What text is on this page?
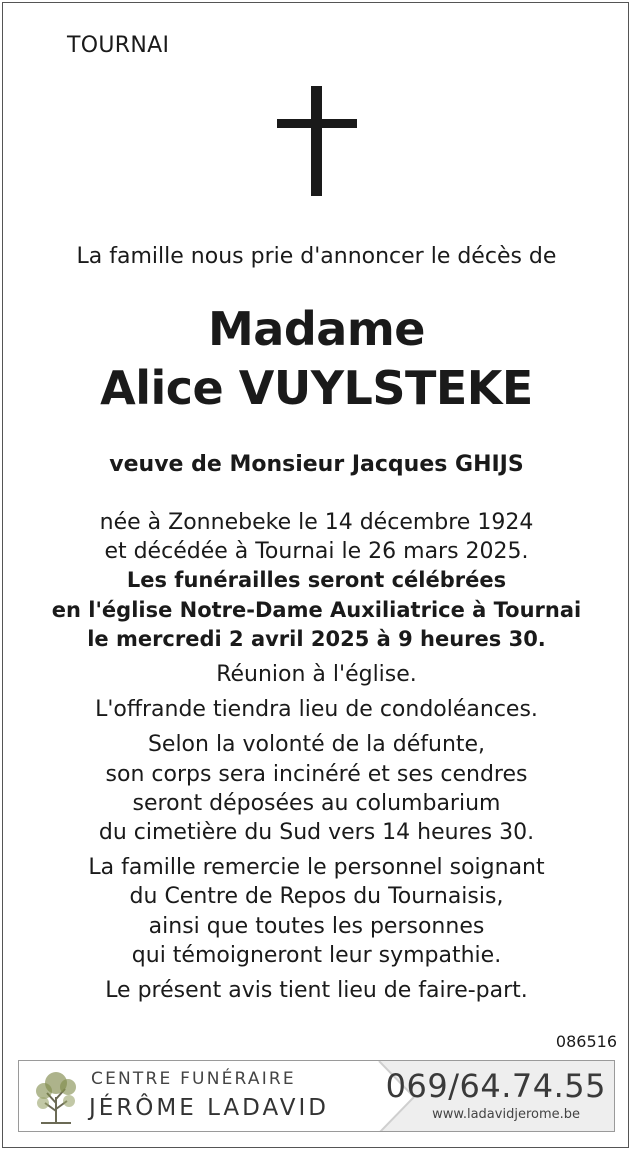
TOURNAI
La famille nous prie d'annoncer le décès de
Madame
Alice VUYLSTEKE
veuve de Monsieur Jacques GHIJS
née à Zonnebeke le 14 décembre 1924
et décédée à Tournai le 26 mars 2025.
Les funérailles seront célébrées
en l'église Notre-Dame Auxiliatrice à Tournai
le mercredi 2 avril 2025 à 9 heures 30.
Réunion à l'église.
L'offrande tiendra lieu de condoléances.
Selon la volonté de la défunte,
son corps sera incinéré et ses cendres
seront déposées au columbarium
du cimetière du Sud vers 14 heures 30.
La famille remercie le personnel soignant
du Centre de Repos du Tournaisis,
ainsi que toutes les personnes
qui témoigneront leur sympathie.
Le présent avis tient lieu de faire-part.
086516
CENTRE FUNÉRAIRE
JÉRÔME LADAVID
069/64.74.55
www.ladavidjerome.be
